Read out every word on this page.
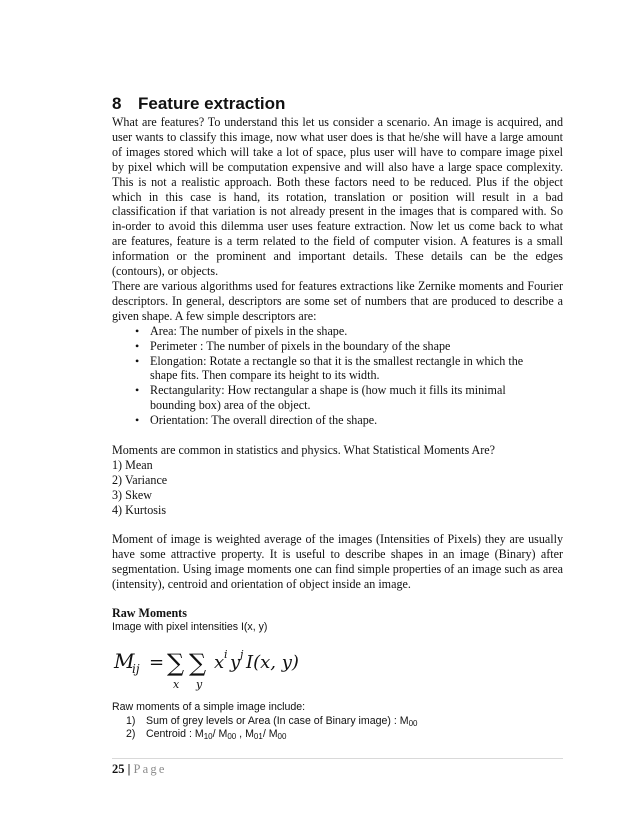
8 Feature extraction

What are features? To understand this let us consider a scenario. An image is acquired, and user wants to classify this image, now what user does is that he/she will have a large amount of images stored which will take a lot of space, plus user will have to compare image pixel by pixel which will be computation expensive and will also have a large space complexity. This is not a realistic approach. Both these factors need to be reduced. Plus if the object which in this case is hand, its rotation, translation or position will result in a bad classification if that variation is not already present in the images that is compared with. So in-order to avoid this dilemma user uses feature extraction. Now let us come back to what are features, feature is a term related to the field of computer vision. A features is a small information or the prominent and important details. These details can be the edges (contours), or objects.

There are various algorithms used for features extractions like Zernike moments and Fourier descriptors. In general, descriptors are some set of numbers that are produced to describe a given shape. A few simple descriptors are:

• Area: The number of pixels in the shape.
• Perimeter : The number of pixels in the boundary of the shape
• Elongation: Rotate a rectangle so that it is the smallest rectangle in which the shape fits. Then compare its height to its width.
• Rectangularity: How rectangular a shape is (how much it fills its minimal bounding box) area of the object.
• Orientation: The overall direction of the shape.

Moments are common in statistics and physics. What Statistical Moments Are?

1) Mean
2) Variance
3) Skew
4) Kurtosis

Moment of image is weighted average of the images (Intensities of Pixels) they are usually have some attractive property. It is useful to describe shapes in an image (Binary) after segmentation. Using image moments one can find simple properties of an image such as area (intensity), centroid and orientation of object inside an image.

Raw Moments
Image with pixel intensities I(x, y)
M
ij = ∑
x
∑
y
x i y j I(x, y)
Raw moments of a simple image include:
1) Sum of grey levels or Area (In case of Binary image) : $M_{00}$
2) Centroid : $M_{10}/$ $M_{00}$ , $M_{01}/$ $M_{00}$
25 | Page
